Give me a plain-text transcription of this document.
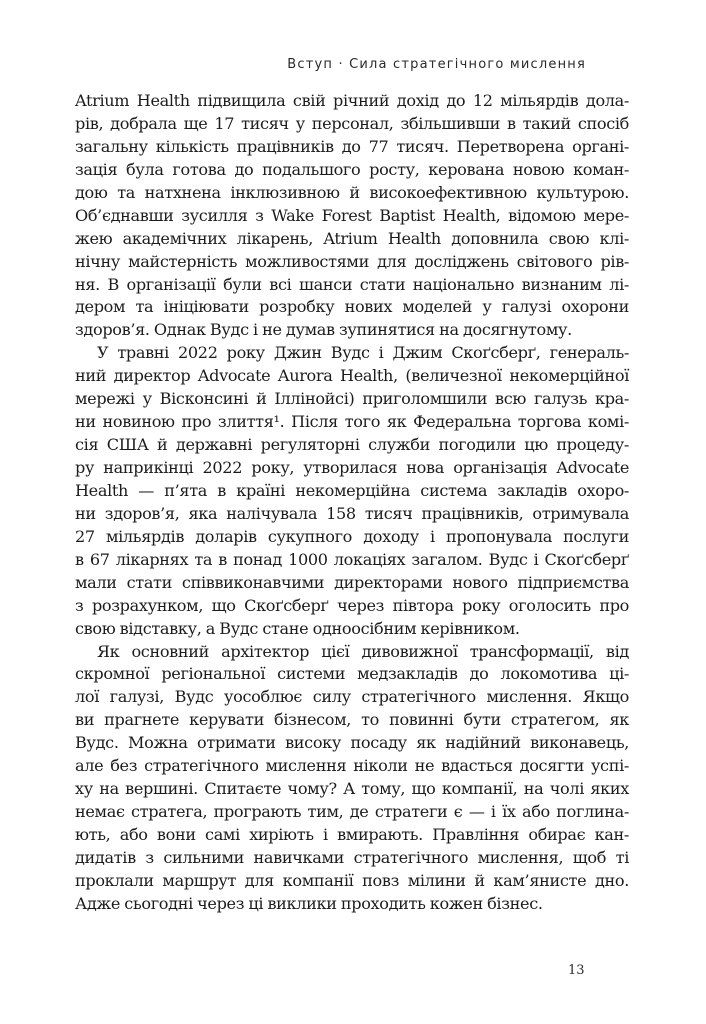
Вступ · Сила стратегічного мислення
Atrium Health підвищила свій річний дохід до 12 мільярдів дола-
рів, добрала ще 17 тисяч у персонал, збільшивши в такий спосіб
загальну кількість працівників до 77 тисяч. Перетворена органі-
зація була готова до подальшого росту, керована новою коман-
дою та натхнена інклюзивною й високоефективною культурою.
Об’єднавши зусилля з Wake Forest Baptist Health, відомою мере-
жею академічних лікарень, Atrium Health доповнила свою клі-
нічну майстерність можливостями для досліджень світового рів-
ня. В організації були всі шанси стати національно визнаним лі-
дером та ініціювати розробку нових моделей у галузі охорони
здоров’я. Однак Вудс і не думав зупинятися на досягнутому.
У травні 2022 року Джин Вудс і Джим Скоґсберґ, генераль-
ний директор Advocate Aurora Health, (величезної некомерційної
мережі у Вісконсині й Іллінойсі) приголомшили всю галузь кра-
ни новиною про злиття¹. Після того як Федеральна торгова комі-
сія США й державні регуляторні служби погодили цю процеду-
ру наприкінці 2022 року, утворилася нова організація Advocate
Health — п’ята в країні некомерційна система закладів охоро-
ни здоров’я, яка налічувала 158 тисяч працівників, отримувала
27 мільярдів доларів сукупного доходу і пропонувала послуги
в 67 лікарнях та в понад 1000 локаціях загалом. Вудс і Скоґсберґ
мали стати співвиконавчими директорами нового підприємства
з розрахунком, що Скоґсберґ через півтора року оголосить про
свою відставку, а Вудс стане одноосібним керівником.
Як основний архітектор цієї дивовижної трансформації, від
скромної регіональної системи медзакладів до локомотива ці-
лої галузі, Вудс уособлює силу стратегічного мислення. Якщо
ви прагнете керувати бізнесом, то повинні бути стратегом, як
Вудс. Можна отримати високу посаду як надійний виконавець,
але без стратегічного мислення ніколи не вдасться досягти успі-
ху на вершині. Спитаєте чому? А тому, що компанії, на чолі яких
немає стратега, програють тим, де стратеги є — і їх або поглина-
ють, або вони самі хиріють і вмирають. Правління обирає кан-
дидатів з сильними навичками стратегічного мислення, щоб ті
проклали маршрут для компанії повз мілини й кам’янисте дно.
Адже сьогодні через ці виклики проходить кожен бізнес.
13
